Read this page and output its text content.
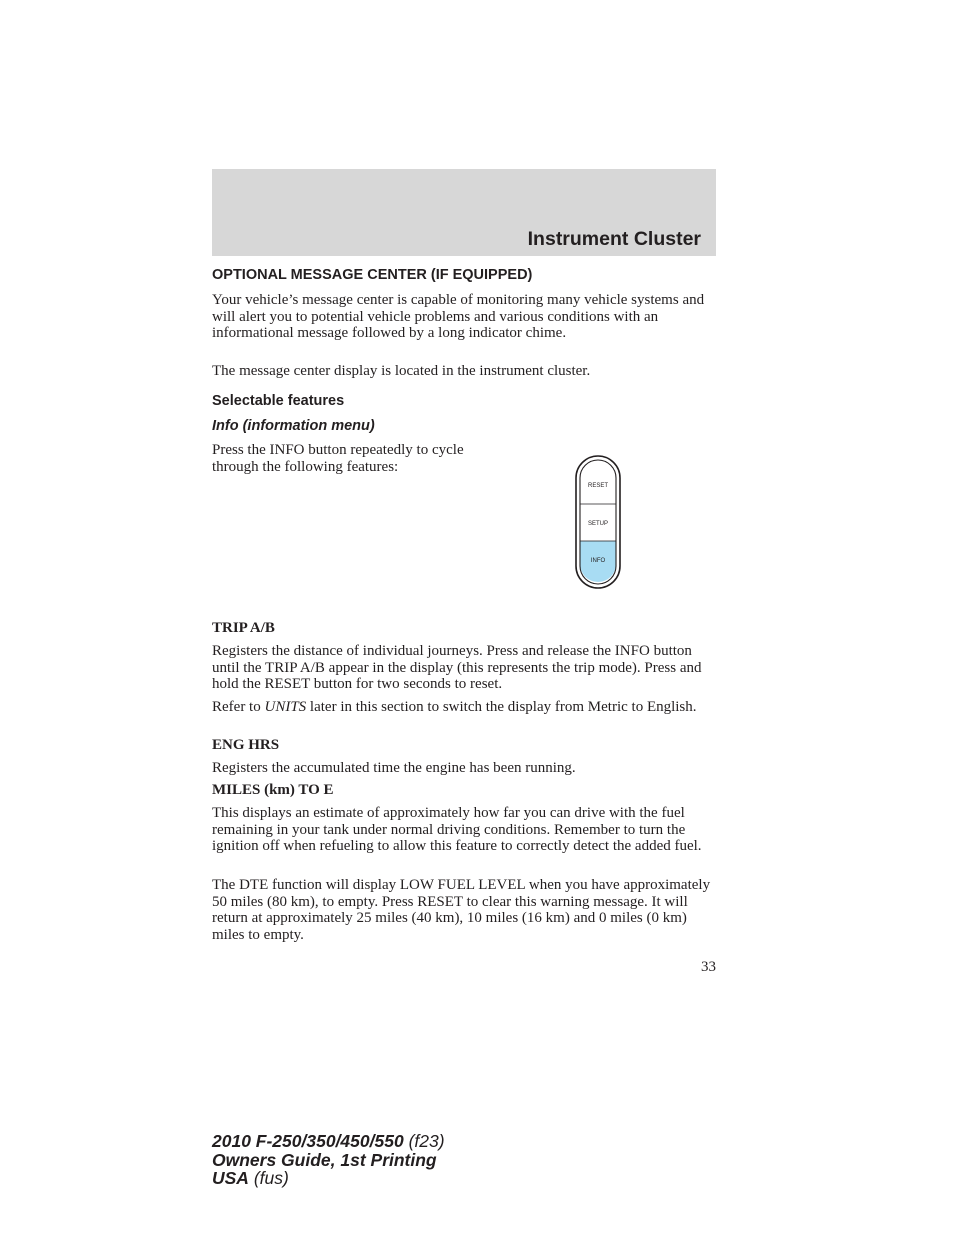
Instrument Cluster
OPTIONAL MESSAGE CENTER (IF EQUIPPED)

Your vehicle’s message center is capable of monitoring many vehicle systems and will alert you to potential vehicle problems and various conditions with an informational message followed by a long indicator chime.

The message center display is located in the instrument cluster.

Selectable features
Info (information menu)

Press the INFO button repeatedly to cycle through the following features:

RESET
SETUP
INFO
TRIP A/B

Registers the distance of individual journeys. Press and release the INFO button until the TRIP A/B appear in the display (this represents the trip mode). Press and hold the RESET button for two seconds to reset.

Refer to UNITS later in this section to switch the display from Metric to English.

ENG HRS

Registers the accumulated time the engine has been running.

MILES (km) TO E

This displays an estimate of approximately how far you can drive with the fuel remaining in your tank under normal driving conditions. Remember to turn the ignition off when refueling to allow this feature to correctly detect the added fuel.

The DTE function will display LOW FUEL LEVEL when you have approximately 50 miles (80 km), to empty. Press RESET to clear this warning message. It will return at approximately 25 miles (40 km), 10 miles (16 km) and 0 miles (0 km) miles to empty.

33
2010 F-250/350/450/550 (f23)
Owners Guide, 1st Printing
USA (fus)
